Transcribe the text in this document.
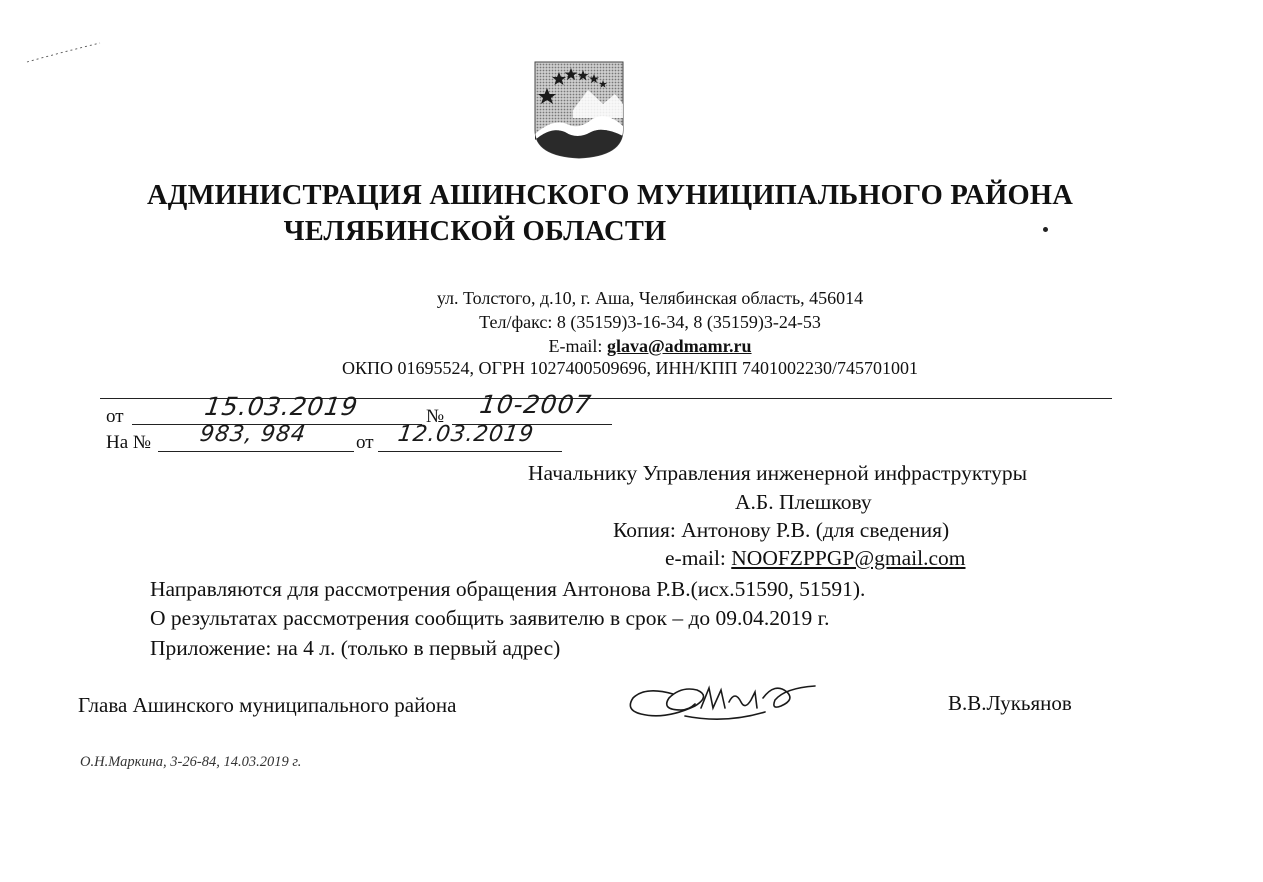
АДМИНИСТРАЦИЯ АШИНСКОГО МУНИЦИПАЛЬНОГО РАЙОНА
ЧЕЛЯБИНСКОЙ ОБЛАСТИ
ул. Толстого, д.10, г. Аша, Челябинская область, 456014
Тел/факс: 8 (35159)3-16-34, 8 (35159)3-24-53
E-mail: glava@admamr.ru
ОКПО 01695524, ОГРН 1027400509696, ИНН/КПП 7401002230/745701001
от	15.03.2019	№ 10-2007
На № 983, 984	от 12.03.2019
Начальнику Управления инженерной инфраструктуры
А.Б. Плешкову
Копия: Антонову Р.В. (для сведения)
e-mail: NOOFZPPGP@gmail.com
Направляются для рассмотрения обращения Антонова Р.В.(исх.51590, 51591).
О результатах рассмотрения сообщить заявителю в срок – до 09.04.2019 г.
Приложение: на 4 л. (только в первый адрес)
Глава Ашинского муниципального района	В.В.Лукьянов
О.Н.Маркина, 3-26-84, 14.03.2019 г.
